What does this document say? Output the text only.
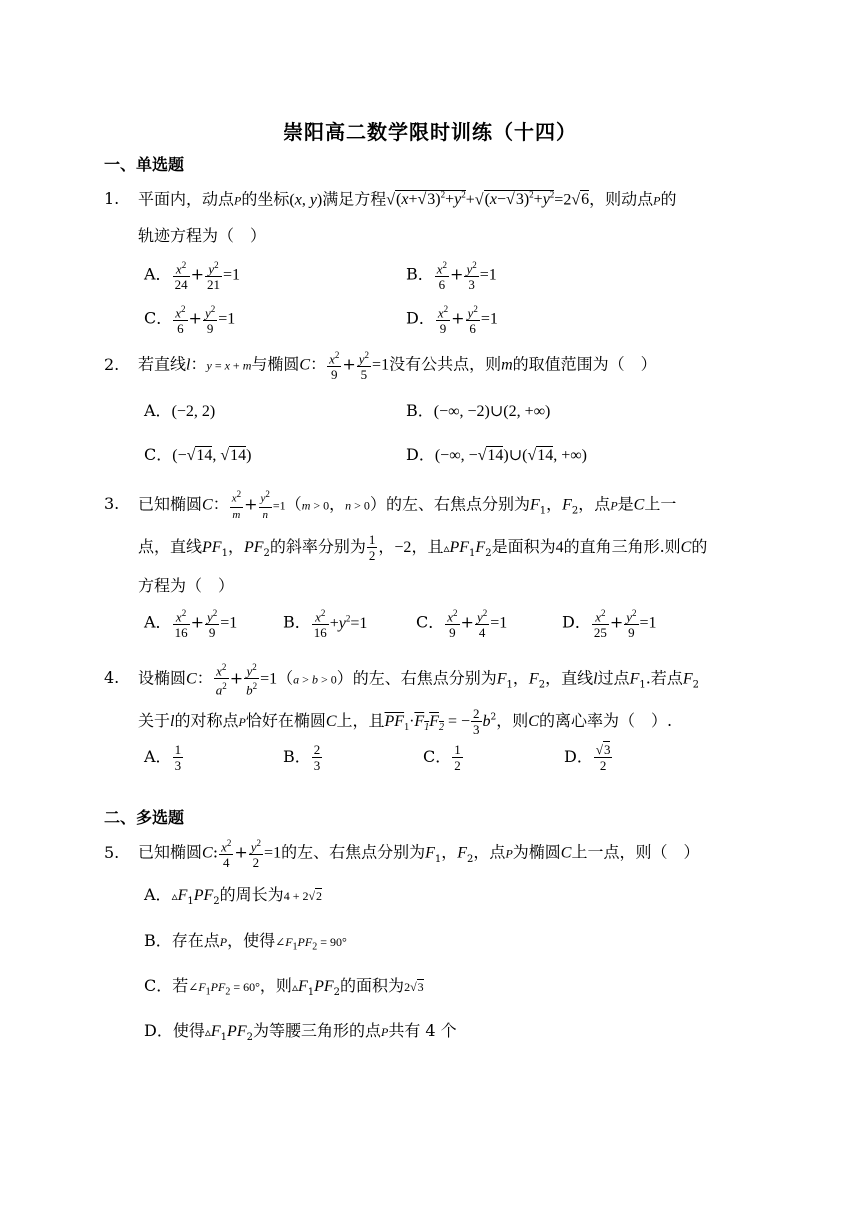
崇阳高二数学限时训练（十四）
一、单选题
1. 平面内，动点P的坐标(x, y)满足方程$√(x+√3)^2+y^2+√(x-√3)^2+y^2=2√6$，则动点P的
轨迹方程为（　）
A． $\frac{x^2}{24} + \frac{y^2}{21} =1$	B． $\frac{x^2}{6} + \frac{y^2}{3} =1$
C． $\frac{x^2}{6} + \frac{y^2}{9} =1$	D． $\frac{x^2}{9} + \frac{y^2}{6} =1$
2. 若直线l：y = x + m与椭圆C： $\frac{x^2}{9} + \frac{y^2}{5} =1$没有公共点，则m的取值范围为（　）
A．(−2, 2)	B．(−∞, −2)∪(2, +∞)
C．(−√14, √14)	D．(−∞, −√14)∪(√14, +∞)
3. 已知椭圆C： $\frac{x^2}{m} + \frac{y^2}{n} =1(m > 0$，n > 0）的左、右焦点分别为$F_1$，$F_2$，点P是C上一
点，直线$PF_1$，$PF_2$的斜率分别为 $\frac{1}{2}$ ，−2，且$▵PF_1F_2$是面积为4的直角三角形.则C的
方程为（　）
A． $\frac{x^2}{16} + \frac{y^2}{9} =1$	B． $\frac{x^2}{16} +y^2=1$	C． $\frac{x^2}{9} + \frac{y^2}{4} =1$	D． $\frac{x^2}{25} + \frac{y^2}{9} =1$
4. 设椭圆C： $\frac{x^2}{a^2} + \frac{y^2}{b^2} =1(a > b > 0)$的左、右焦点分别为$F_1$，$F_2$，直线l过点$F_1$.若点$F_2$
关于l的对称点P恰好在椭圆C上，且$\overline{PF}_1\cdot F_1F_2$ = − $\frac{2}{3} b^2$，则C的离心率为（　）.
A． $\frac{1}{3}$	B． $\frac{2}{3}$	C． $\frac{1}{2}$	D． $\frac{√3}{2}$
二、多选题
5. 已知椭圆C: $\frac{x^2}{4} + \frac{y^2}{2} =1$的左、右焦点分别为$F_1$，$F_2$，点P为椭圆C上一点，则（　）
A．$▵F_1PF_2$的周长为4 + 2√2
B．存在点P，使得$\angle F_1PF_2 = 90^\circ$
C．若$\angle F_1PF_2 = 60^\circ$，则$▵F_1PF_2$的面积为2√3
D．使得$▵F_1PF_2$为等腰三角形的点P共有 4 个
